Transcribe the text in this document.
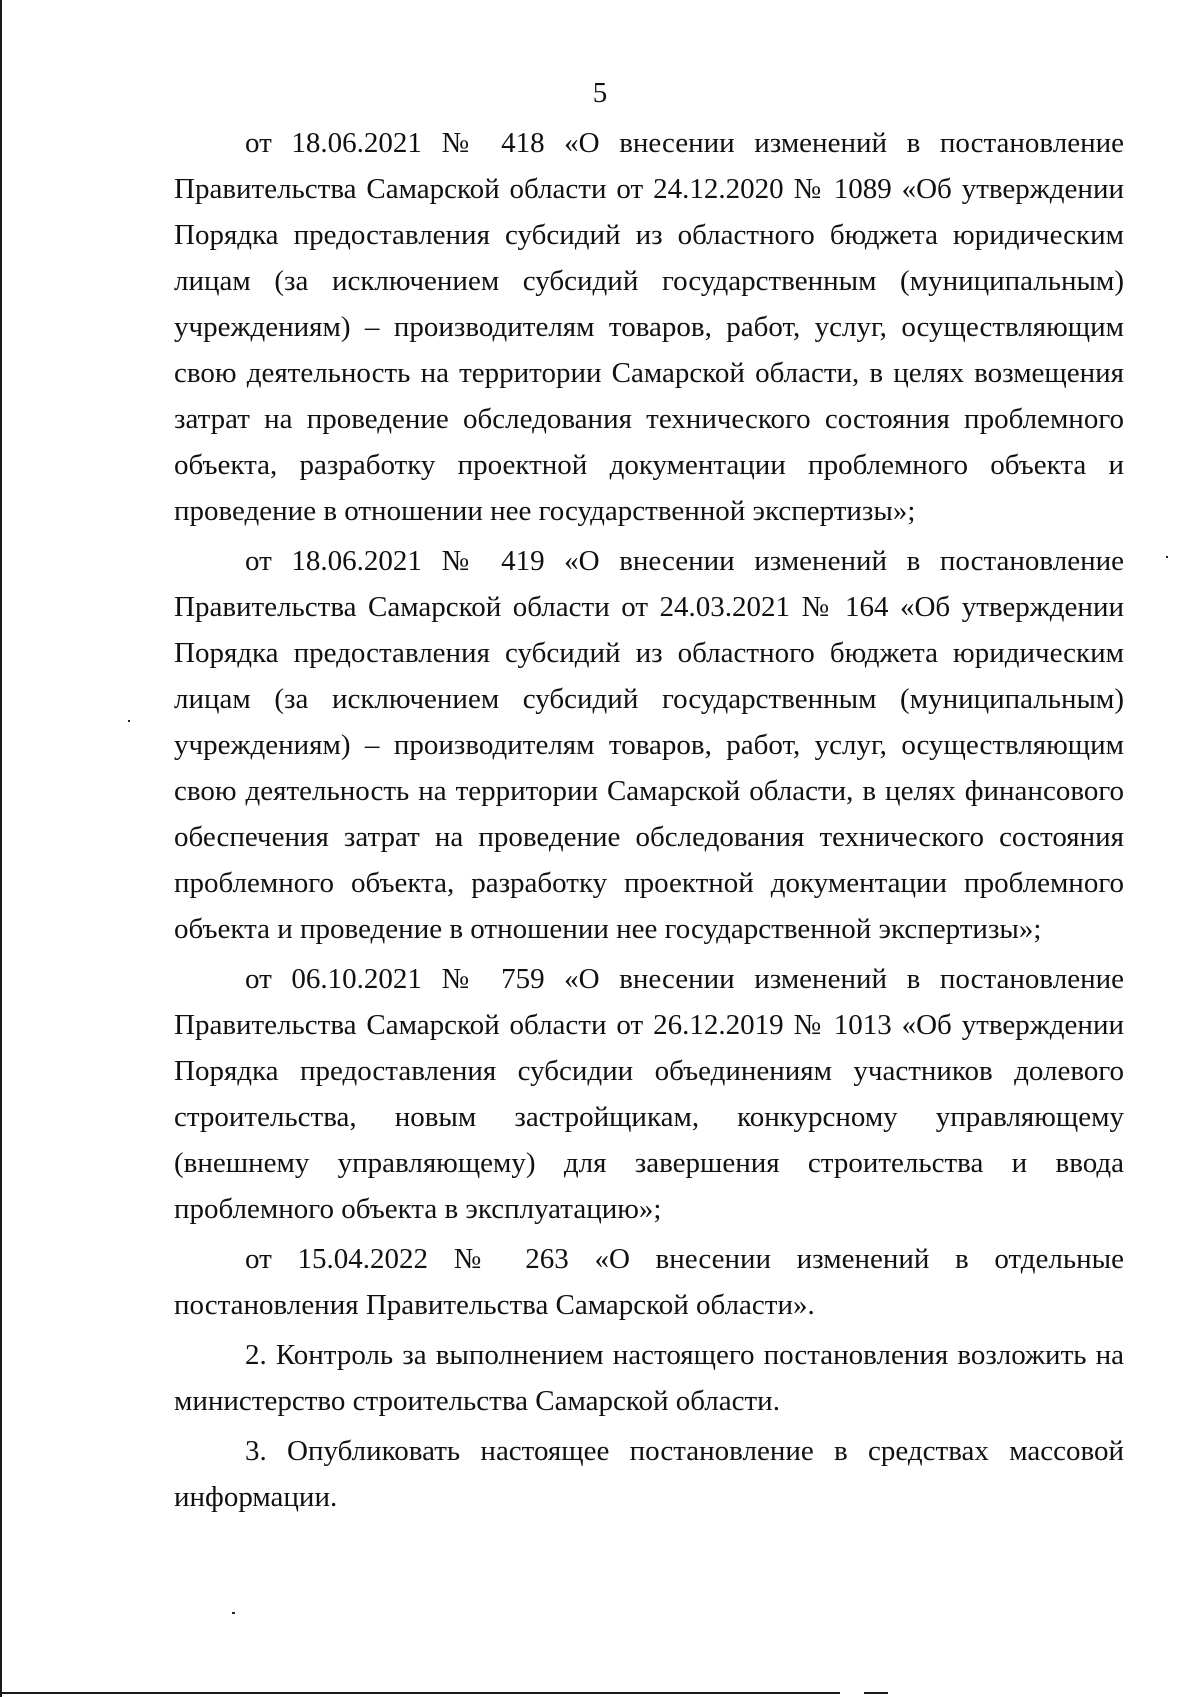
5

от 18.06.2021 № 418 «О внесении изменений в постановление Правительства Самарской области от 24.12.2020 № 1089 «Об утверждении Порядка предоставления субсидий из областного бюджета юридическим лицам (за исключением субсидий государственным (муниципальным) учреждениям) – производителям товаров, работ, услуг, осуществляющим свою деятельность на территории Самарской области, в целях возмещения затрат на проведение обследования технического состояния проблемного объекта, разработку проектной документации проблемного объекта и проведение в отношении нее государственной экспертизы»;

от 18.06.2021 № 419 «О внесении изменений в постановление Правительства Самарской области от 24.03.2021 № 164 «Об утверждении Порядка предоставления субсидий из областного бюджета юридическим лицам (за исключением субсидий государственным (муниципальным) учреждениям) – производителям товаров, работ, услуг, осуществляющим свою деятельность на территории Самарской области, в целях финансового обеспечения затрат на проведение обследования технического состояния проблемного объекта, разработку проектной документации проблемного объекта и проведение в отношении нее государственной экспертизы»;

от 06.10.2021 № 759 «О внесении изменений в постановление Правительства Самарской области от 26.12.2019 № 1013 «Об утверждении Порядка предоставления субсидии объединениям участников долевого строительства, новым застройщикам, конкурсному управляющему (внешнему управляющему) для завершения строительства и ввода проблемного объекта в эксплуатацию»;

от 15.04.2022 № 263 «О внесении изменений в отдельные постановления Правительства Самарской области».

2. Контроль за выполнением настоящего постановления возложить на министерство строительства Самарской области.

3. Опубликовать настоящее постановление в средствах массовой информации.
